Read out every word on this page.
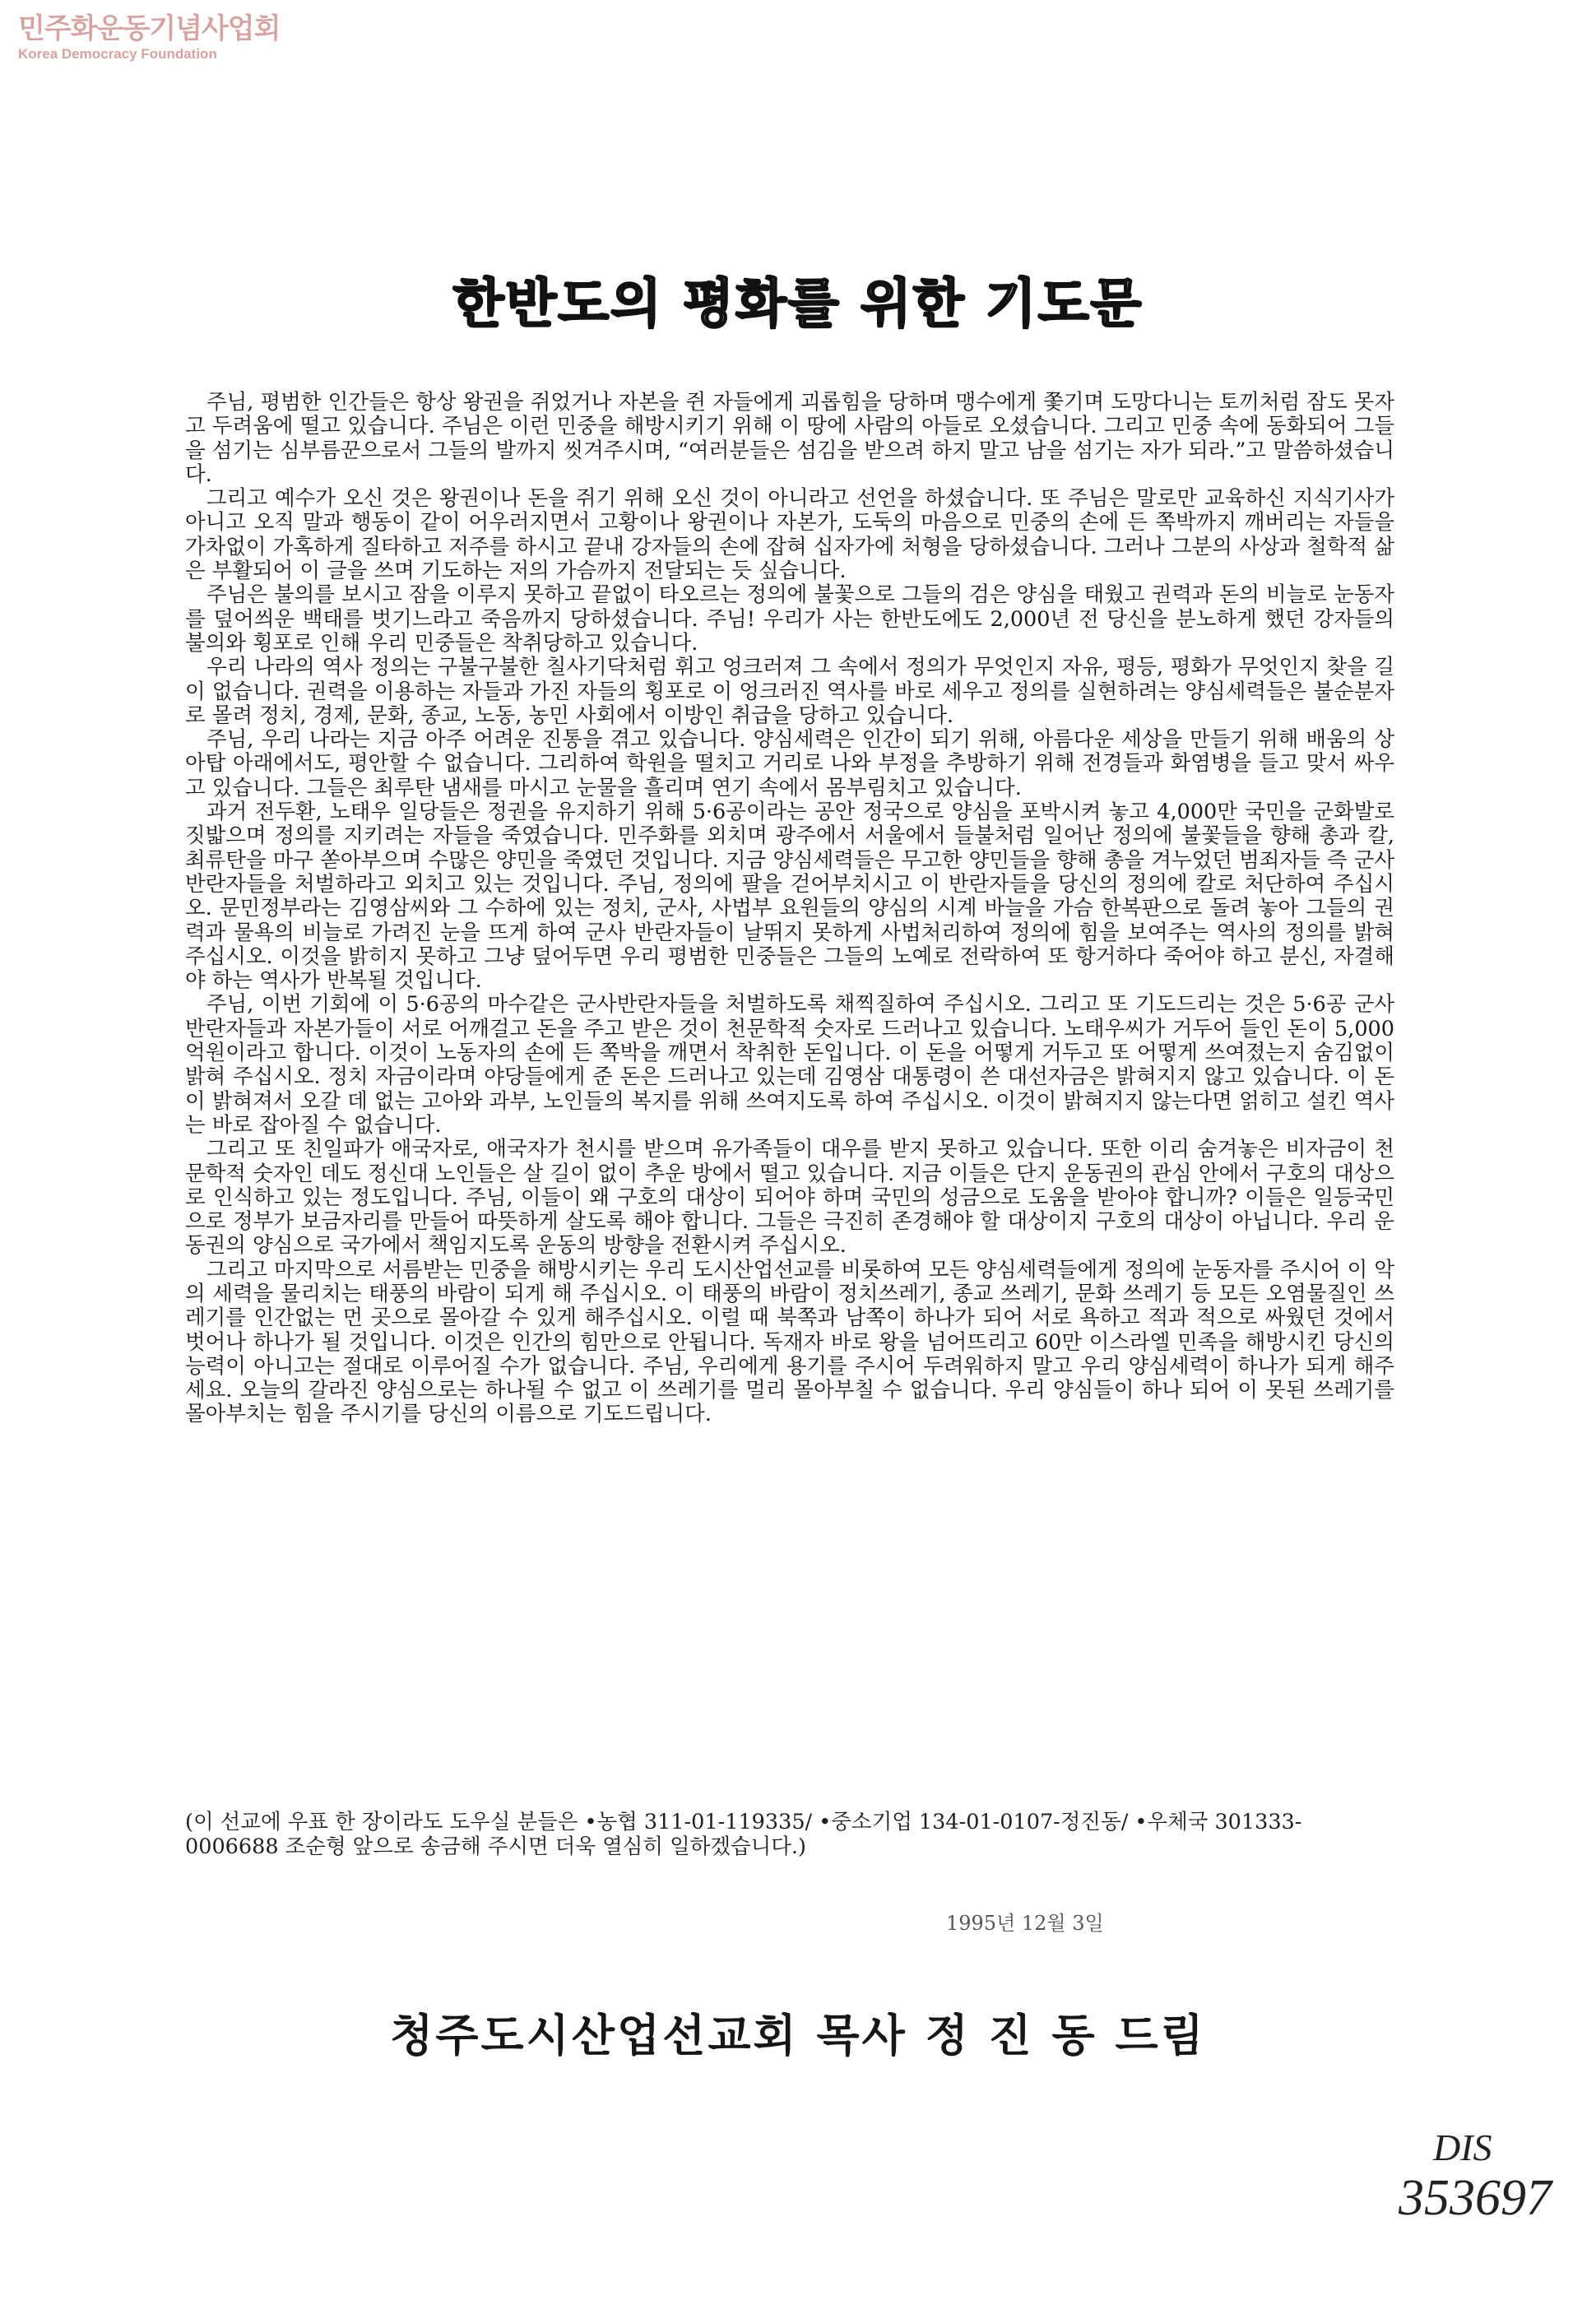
민주화운동기념사업회
Korea Democracy Foundation
한반도의 평화를 위한 기도문

주님, 평범한 인간들은 항상 왕권을 쥐었거나 자본을 쥔 자들에게 괴롭힘을 당하며 맹수에게 쫓기며 도망다니는 토끼처럼 잠도 못자고 두려움에 떨고 있습니다. 주님은 이런 민중을 해방시키기 위해 이 땅에 사람의 아들로 오셨습니다. 그리고 민중 속에 동화되어 그들을 섬기는 심부름꾼으로서 그들의 발까지 씻겨주시며, “여러분들은 섬김을 받으려 하지 말고 남을 섬기는 자가 되라.”고 말씀하셨습니다.

그리고 예수가 오신 것은 왕권이나 돈을 쥐기 위해 오신 것이 아니라고 선언을 하셨습니다. 또 주님은 말로만 교육하신 지식기사가 아니고 오직 말과 행동이 같이 어우러지면서 고황이나 왕권이나 자본가, 도둑의 마음으로 민중의 손에 든 쪽박까지 깨버리는 자들을 가차없이 가혹하게 질타하고 저주를 하시고 끝내 강자들의 손에 잡혀 십자가에 처형을 당하셨습니다. 그러나 그분의 사상과 철학적 삶은 부활되어 이 글을 쓰며 기도하는 저의 가슴까지 전달되는 듯 싶습니다.

주님은 불의를 보시고 잠을 이루지 못하고 끝없이 타오르는 정의에 불꽃으로 그들의 검은 양심을 태웠고 권력과 돈의 비늘로 눈동자를 덮어씌운 백태를 벗기느라고 죽음까지 당하셨습니다. 주님! 우리가 사는 한반도에도 2,000년 전 당신을 분노하게 했던 강자들의 불의와 횡포로 인해 우리 민중들은 착취당하고 있습니다.

우리 나라의 역사 정의는 구불구불한 칠사기닥처럼 휘고 엉크러져 그 속에서 정의가 무엇인지 자유, 평등, 평화가 무엇인지 찾을 길이 없습니다. 권력을 이용하는 자들과 가진 자들의 횡포로 이 엉크러진 역사를 바로 세우고 정의를 실현하려는 양심세력들은 불순분자로 몰려 정치, 경제, 문화, 종교, 노동, 농민 사회에서 이방인 취급을 당하고 있습니다.

주님, 우리 나라는 지금 아주 어려운 진통을 겪고 있습니다. 양심세력은 인간이 되기 위해, 아름다운 세상을 만들기 위해 배움의 상아탑 아래에서도, 평안할 수 없습니다. 그리하여 학원을 떨치고 거리로 나와 부정을 추방하기 위해 전경들과 화염병을 들고 맞서 싸우고 있습니다. 그들은 최루탄 냄새를 마시고 눈물을 흘리며 연기 속에서 몸부림치고 있습니다.

과거 전두환, 노태우 일당들은 정권을 유지하기 위해 5·6공이라는 공안 정국으로 양심을 포박시켜 놓고 4,000만 국민을 군화발로 짓밟으며 정의를 지키려는 자들을 죽였습니다. 민주화를 외치며 광주에서 서울에서 들불처럼 일어난 정의에 불꽃들을 향해 총과 칼, 최류탄을 마구 쏟아부으며 수많은 양민을 죽였던 것입니다. 지금 양심세력들은 무고한 양민들을 향해 총을 겨누었던 범죄자들 즉 군사 반란자들을 처벌하라고 외치고 있는 것입니다. 주님, 정의에 팔을 걷어부치시고 이 반란자들을 당신의 정의에 칼로 처단하여 주십시오. 문민정부라는 김영삼씨와 그 수하에 있는 정치, 군사, 사법부 요원들의 양심의 시계 바늘을 가슴 한복판으로 돌려 놓아 그들의 권력과 물욕의 비늘로 가려진 눈을 뜨게 하여 군사 반란자들이 날뛰지 못하게 사법처리하여 정의에 힘을 보여주는 역사의 정의를 밝혀 주십시오. 이것을 밝히지 못하고 그냥 덮어두면 우리 평범한 민중들은 그들의 노예로 전락하여 또 항거하다 죽어야 하고 분신, 자결해야 하는 역사가 반복될 것입니다.

주님, 이번 기회에 이 5·6공의 마수같은 군사반란자들을 처벌하도록 채찍질하여 주십시오. 그리고 또 기도드리는 것은 5·6공 군사반란자들과 자본가들이 서로 어깨걸고 돈을 주고 받은 것이 천문학적 숫자로 드러나고 있습니다. 노태우씨가 거두어 들인 돈이 5,000억원이라고 합니다. 이것이 노동자의 손에 든 쪽박을 깨면서 착취한 돈입니다. 이 돈을 어떻게 거두고 또 어떻게 쓰여졌는지 숨김없이 밝혀 주십시오. 정치 자금이라며 야당들에게 준 돈은 드러나고 있는데 김영삼 대통령이 쓴 대선자금은 밝혀지지 않고 있습니다. 이 돈이 밝혀져서 오갈 데 없는 고아와 과부, 노인들의 복지를 위해 쓰여지도록 하여 주십시오. 이것이 밝혀지지 않는다면 얽히고 설킨 역사는 바로 잡아질 수 없습니다.

그리고 또 친일파가 애국자로, 애국자가 천시를 받으며 유가족들이 대우를 받지 못하고 있습니다. 또한 이리 숨겨놓은 비자금이 천문학적 숫자인 데도 정신대 노인들은 살 길이 없이 추운 방에서 떨고 있습니다. 지금 이들은 단지 운동권의 관심 안에서 구호의 대상으로 인식하고 있는 정도입니다. 주님, 이들이 왜 구호의 대상이 되어야 하며 국민의 성금으로 도움을 받아야 합니까? 이들은 일등국민으로 정부가 보금자리를 만들어 따뜻하게 살도록 해야 합니다. 그들은 극진히 존경해야 할 대상이지 구호의 대상이 아닙니다. 우리 운동권의 양심으로 국가에서 책임지도록 운동의 방향을 전환시켜 주십시오.

그리고 마지막으로 서름받는 민중을 해방시키는 우리 도시산업선교를 비롯하여 모든 양심세력들에게 정의에 눈동자를 주시어 이 악의 세력을 물리치는 태풍의 바람이 되게 해 주십시오. 이 태풍의 바람이 정치쓰레기, 종교 쓰레기, 문화 쓰레기 등 모든 오염물질인 쓰레기를 인간없는 먼 곳으로 몰아갈 수 있게 해주십시오. 이럴 때 북쪽과 남쪽이 하나가 되어 서로 욕하고 적과 적으로 싸웠던 것에서 벗어나 하나가 될 것입니다. 이것은 인간의 힘만으로 안됩니다. 독재자 바로 왕을 넘어뜨리고 60만 이스라엘 민족을 해방시킨 당신의 능력이 아니고는 절대로 이루어질 수가 없습니다. 주님, 우리에게 용기를 주시어 두려워하지 말고 우리 양심세력이 하나가 되게 해주세요. 오늘의 갈라진 양심으로는 하나될 수 없고 이 쓰레기를 멀리 몰아부칠 수 없습니다. 우리 양심들이 하나 되어 이 못된 쓰레기를 몰아부치는 힘을 주시기를 당신의 이름으로 기도드립니다.

(이 선교에 우표 한 장이라도 도우실 분들은 •농협 311-01-119335/ •중소기업 134-01-0107-정진동/ •우체국 301333-0006688 조순형 앞으로 송금해 주시면 더욱 열심히 일하겠습니다.)
1995년 12월 3일
청주도시산업선교회 목사 정 진 동 드림
DIS
353697
